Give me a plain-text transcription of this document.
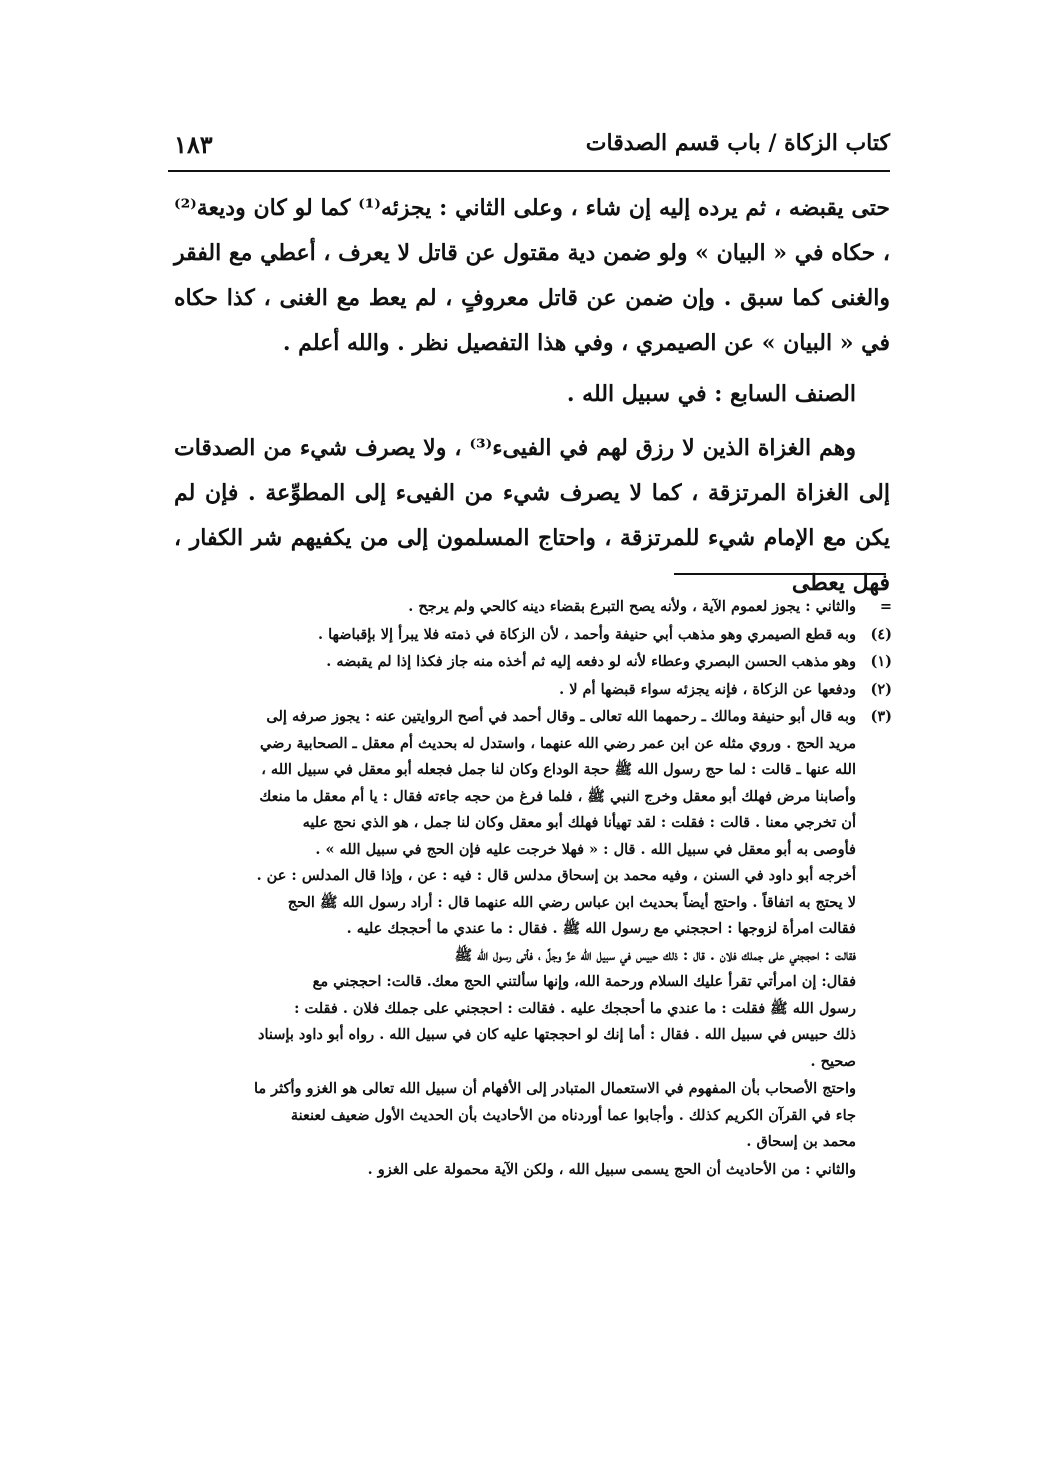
كتاب الزكاة / باب قسم الصدقات
١٨٣

حتى يقبضه ، ثم يرده إليه إن شاء ، وعلى الثاني : يجزئه⁽¹⁾ كما لو كان وديعة⁽²⁾ ، حكاه في « البيان » ولو ضمن دية مقتول عن قاتل لا يعرف ، أعطي مع الفقر والغنى كما سبق . وإن ضمن عن قاتل معروفٍ ، لم يعط مع الغنى ، كذا حكاه في « البيان » عن الصيمري ، وفي هذا التفصيل نظر . والله أعلم .

الصنف السابع : في سبيل الله .

وهم الغزاة الذين لا رزق لهم في الفيىء⁽³⁾ ، ولا يصرف شيء من الصدقات إلى الغزاة المرتزقة ، كما لا يصرف شيء من الفيىء إلى المطوِّعة . فإن لم يكن مع الإمام شيء للمرتزقة ، واحتاج المسلمون إلى من يكفيهم شر الكفار ، فهل يعطى

=
والثاني : يجوز لعموم الآية ، ولأنه يصح التبرع بقضاء دينه كالحي ولم يرجح .
(٤)
وبه قطع الصيمري وهو مذهب أبي حنيفة وأحمد ، لأن الزكاة في ذمته فلا يبرأ إلا بإقباضها .
(١)
وهو مذهب الحسن البصري وعطاء لأنه لو دفعه إليه ثم أخذه منه جاز فكذا إذا لم يقبضه .
(٢)
ودفعها عن الزكاة ، فإنه يجزئه سواء قبضها أم لا .
(٣)
وبه قال أبو حنيفة ومالك ـ رحمهما الله تعالى ـ وقال أحمد في أصح الروايتين عنه : يجوز صرفه إلى
مريد الحج . وروي مثله عن ابن عمر رضي الله عنهما ، واستدل له بحديث أم معقل ـ الصحابية رضي
الله عنها ـ قالت : لما حج رسول الله ﷺ حجة الوداع وكان لنا جمل فجعله أبو معقل في سبيل الله ،
وأصابنا مرض فهلك أبو معقل وخرج النبي ﷺ ، فلما فرغ من حجه جاءته فقال : يا أم معقل ما منعك
أن تخرجي معنا . قالت : فقلت : لقد تهيأنا فهلك أبو معقل وكان لنا جمل ، هو الذي نحج عليه
فأوصى به أبو معقل في سبيل الله . قال : « فهلا خرجت عليه فإن الحج في سبيل الله » .
أخرجه أبو داود في السنن ، وفيه محمد بن إسحاق مدلس قال : فيه : عن ، وإذا قال المدلس : عن .
لا يحتج به اتفاقاً . واحتج أيضاً بحديث ابن عباس رضي الله عنهما قال : أراد رسول الله ﷺ الحج
فقالت امرأة لزوجها : احججني مع رسول الله ﷺ . فقال : ما عندي ما أحججك عليه .
فقالت : احججني على جملك فلان . قال : ذلك حبيس في سبيل الله عزَّ وجلَّ ، فأتى رسول الله ﷺ
فقال: إن امرأتي تقرأ عليك السلام ورحمة الله، وإنها سألتني الحج معك. قالت: احججني مع
رسول الله ﷺ فقلت : ما عندي ما أحججك عليه . فقالت : احججني على جملك فلان . فقلت :
ذلك حبيس في سبيل الله . فقال : أما إنك لو احججتها عليه كان في سبيل الله . رواه أبو داود بإسناد
صحيح .
واحتج الأصحاب بأن المفهوم في الاستعمال المتبادر إلى الأفهام أن سبيل الله تعالى هو الغزو وأكثر ما
جاء في القرآن الكريم كذلك . وأجابوا عما أوردناه من الأحاديث بأن الحديث الأول ضعيف لعنعنة
محمد بن إسحاق .
والثاني : من الأحاديث أن الحج يسمى سبيل الله ، ولكن الآية محمولة على الغزو .
